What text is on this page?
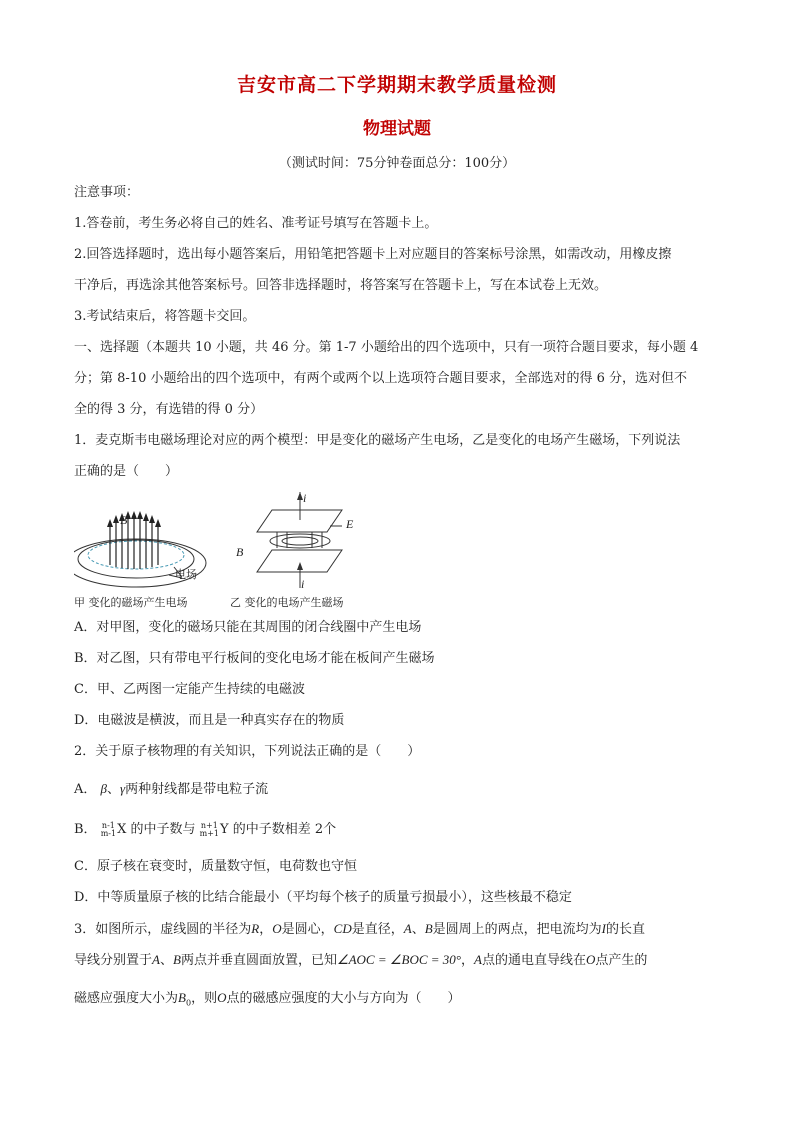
吉安市高二下学期期末教学质量检测
物理试题
（测试时间：75分钟卷面总分：100分）
注意事项：
1.答卷前，考生务必将自己的姓名、准考证号填写在答题卡上。
2.回答选择题时，选出每小题答案后，用铅笔把答题卡上对应题目的答案标号涂黑，如需改动，用橡皮擦
干净后，再选涂其他答案标号。回答非选择题时，将答案写在答题卡上，写在本试卷上无效。
3.考试结束后，将答题卡交回。
一、选择题（本题共 10 小题，共 46 分。第 1-7 小题给出的四个选项中，只有一项符合题目要求，每小题 4
分；第 8-10 小题给出的四个选项中，有两个或两个以上选项符合题目要求，全部选对的得 6 分，选对但不
全的得 3 分，有选错的得 0 分）
1．麦克斯韦电磁场理论对应的两个模型：甲是变化的磁场产生电场，乙是变化的电场产生磁场，下列说法
正确的是（　　）
B
电场
甲 变化的磁场产生电场
i
E
B
i
乙 变化的电场产生磁场
A．对甲图，变化的磁场只能在其周围的闭合线圈中产生电场
B．对乙图，只有带电平行板间的变化电场才能在板间产生磁场
C．甲、乙两图一定能产生持续的电磁波
D．电磁波是横波，而且是一种真实存在的物质
2．关于原子核物理的有关知识，下列说法正确的是（　　）
A． β、γ两种射线都是带电粒子流
B． n-1
m-1X 的中子数与 n+1
m+1Y 的中子数相差 2个
C．原子核在衰变时，质量数守恒，电荷数也守恒
D．中等质量原子核的比结合能最小（平均每个核子的质量亏损最小），这些核最不稳定
3．如图所示，虚线圆的半径为R，O是圆心，CD是直径，A、B是圆周上的两点，把电流均为I的长直
导线分别置于A、B两点并垂直圆面放置，已知∠AOC = ∠BOC = 30°，A点的通电直导线在O点产生的
磁感应强度大小为$B_0$，则O点的磁感应强度的大小与方向为（　　）
